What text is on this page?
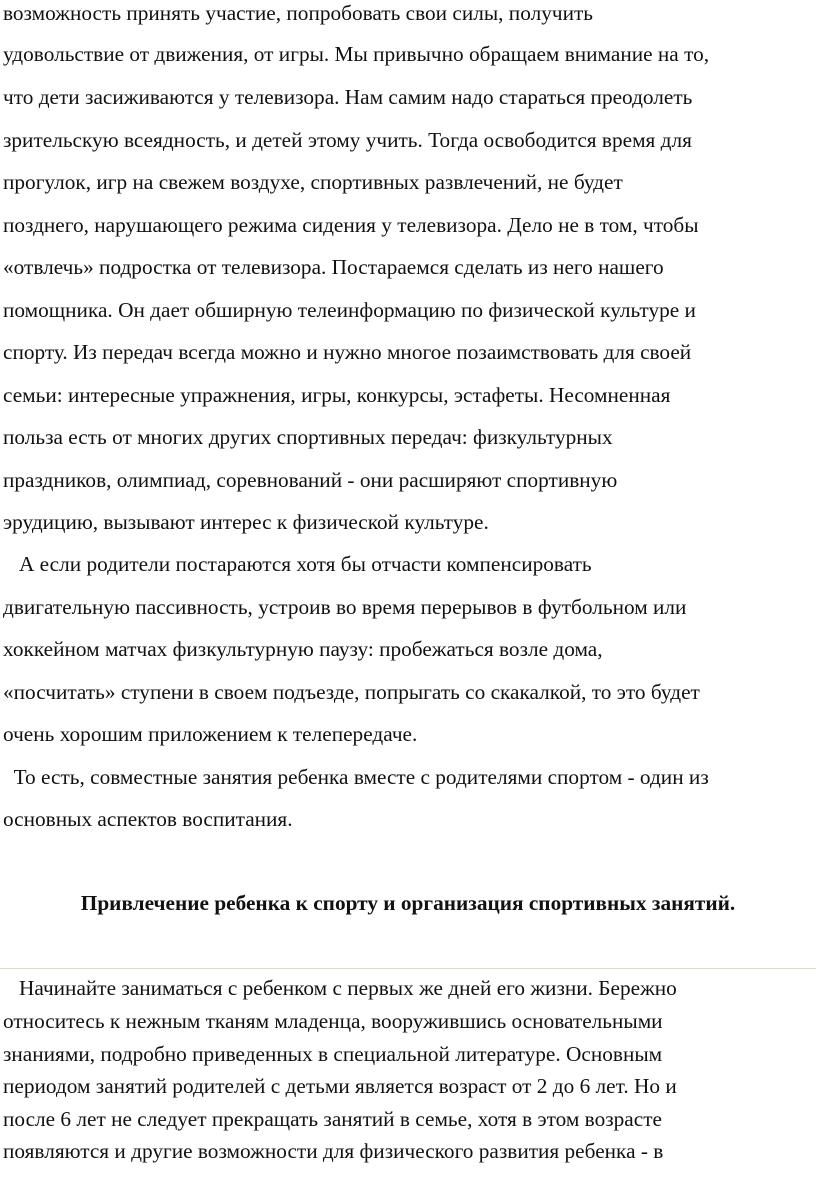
возможность принять участие, попробовать свои силы, получить
удовольствие от движения, от игры. Мы привычно обращаем внимание на то,
что дети засиживаются у телевизора. Нам самим надо стараться преодолеть
зрительскую всеядность, и детей этому учить. Тогда освободится время для
прогулок, игр на свежем воздухе, спортивных развлечений, не будет
позднего, нарушающего режима сидения у телевизора. Дело не в том, чтобы
«отвлечь» подростка от телевизора. Постараемся сделать из него нашего
помощника. Он дает обширную телеинформацию по физической культуре и
спорту. Из передач всегда можно и нужно многое позаимствовать для своей
семьи: интересные упражнения, игры, конкурсы, эстафеты. Несомненная
польза есть от многих других спортивных передач: физкультурных
праздников, олимпиад, соревнований - они расширяют спортивную
эрудицию, вызывают интерес к физической культуре.
А если родители постараются хотя бы отчасти компенсировать
двигательную пассивность, устроив во время перерывов в футбольном или
хоккейном матчах физкультурную паузу: пробежаться возле дома,
«посчитать» ступени в своем подъезде, попрыгать со скакалкой, то это будет
очень хорошим приложением к телепередаче.
То есть, совместные занятия ребенка вместе с родителями спортом - один из
основных аспектов воспитания.
Привлечение ребенка к спорту и организация спортивных занятий.
Начинайте заниматься с ребенком с первых же дней его жизни. Бережно
относитесь к нежным тканям младенца, вооружившись основательными
знаниями, подробно приведенных в специальной литературе. Основным
периодом занятий родителей с детьми является возраст от 2 до 6 лет. Но и
после 6 лет не следует прекращать занятий в семье, хотя в этом возрасте
появляются и другие возможности для физического развития ребенка - в
